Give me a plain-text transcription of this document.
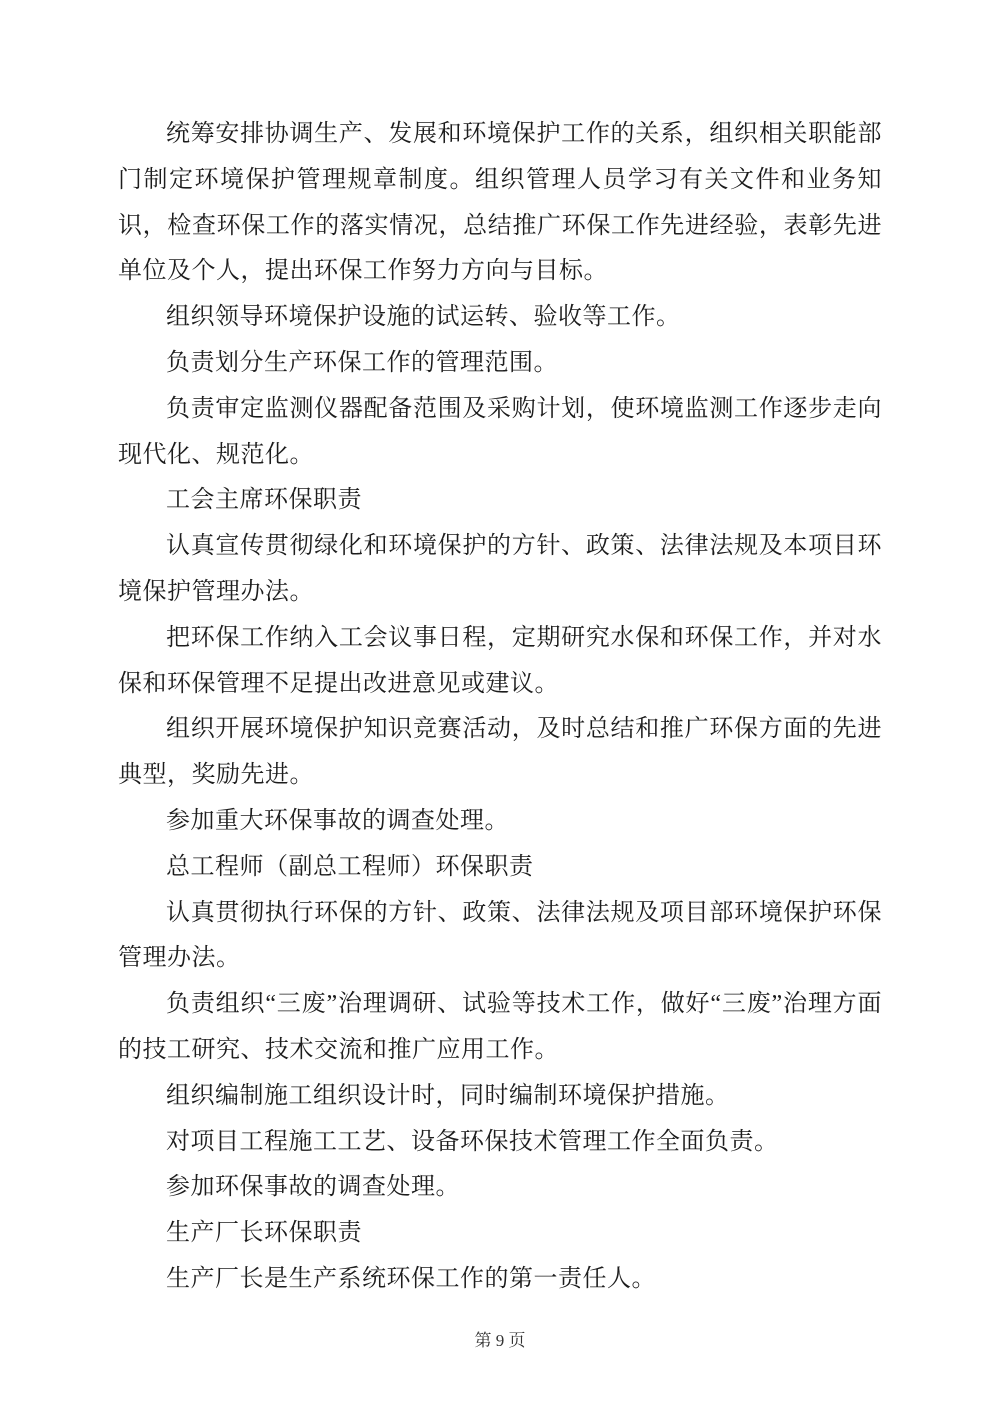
统筹安排协调生产、发展和环境保护工作的关系，组织相关职能部门制定环境保护管理规章制度。组织管理人员学习有关文件和业务知识，检查环保工作的落实情况，总结推广环保工作先进经验，表彰先进单位及个人，提出环保工作努力方向与目标。

组织领导环境保护设施的试运转、验收等工作。

负责划分生产环保工作的管理范围。

负责审定监测仪器配备范围及采购计划，使环境监测工作逐步走向现代化、规范化。

工会主席环保职责

认真宣传贯彻绿化和环境保护的方针、政策、法律法规及本项目环境保护管理办法。

把环保工作纳入工会议事日程，定期研究水保和环保工作，并对水保和环保管理不足提出改进意见或建议。

组织开展环境保护知识竞赛活动，及时总结和推广环保方面的先进典型，奖励先进。

参加重大环保事故的调查处理。

总工程师（副总工程师）环保职责

认真贯彻执行环保的方针、政策、法律法规及项目部环境保护环保管理办法。

负责组织“三废”治理调研、试验等技术工作，做好“三废”治理方面的技工研究、技术交流和推广应用工作。

组织编制施工组织设计时，同时编制环境保护措施。

对项目工程施工工艺、设备环保技术管理工作全面负责。

参加环保事故的调查处理。

生产厂长环保职责

生产厂长是生产系统环保工作的第一责任人。

第 9 页
